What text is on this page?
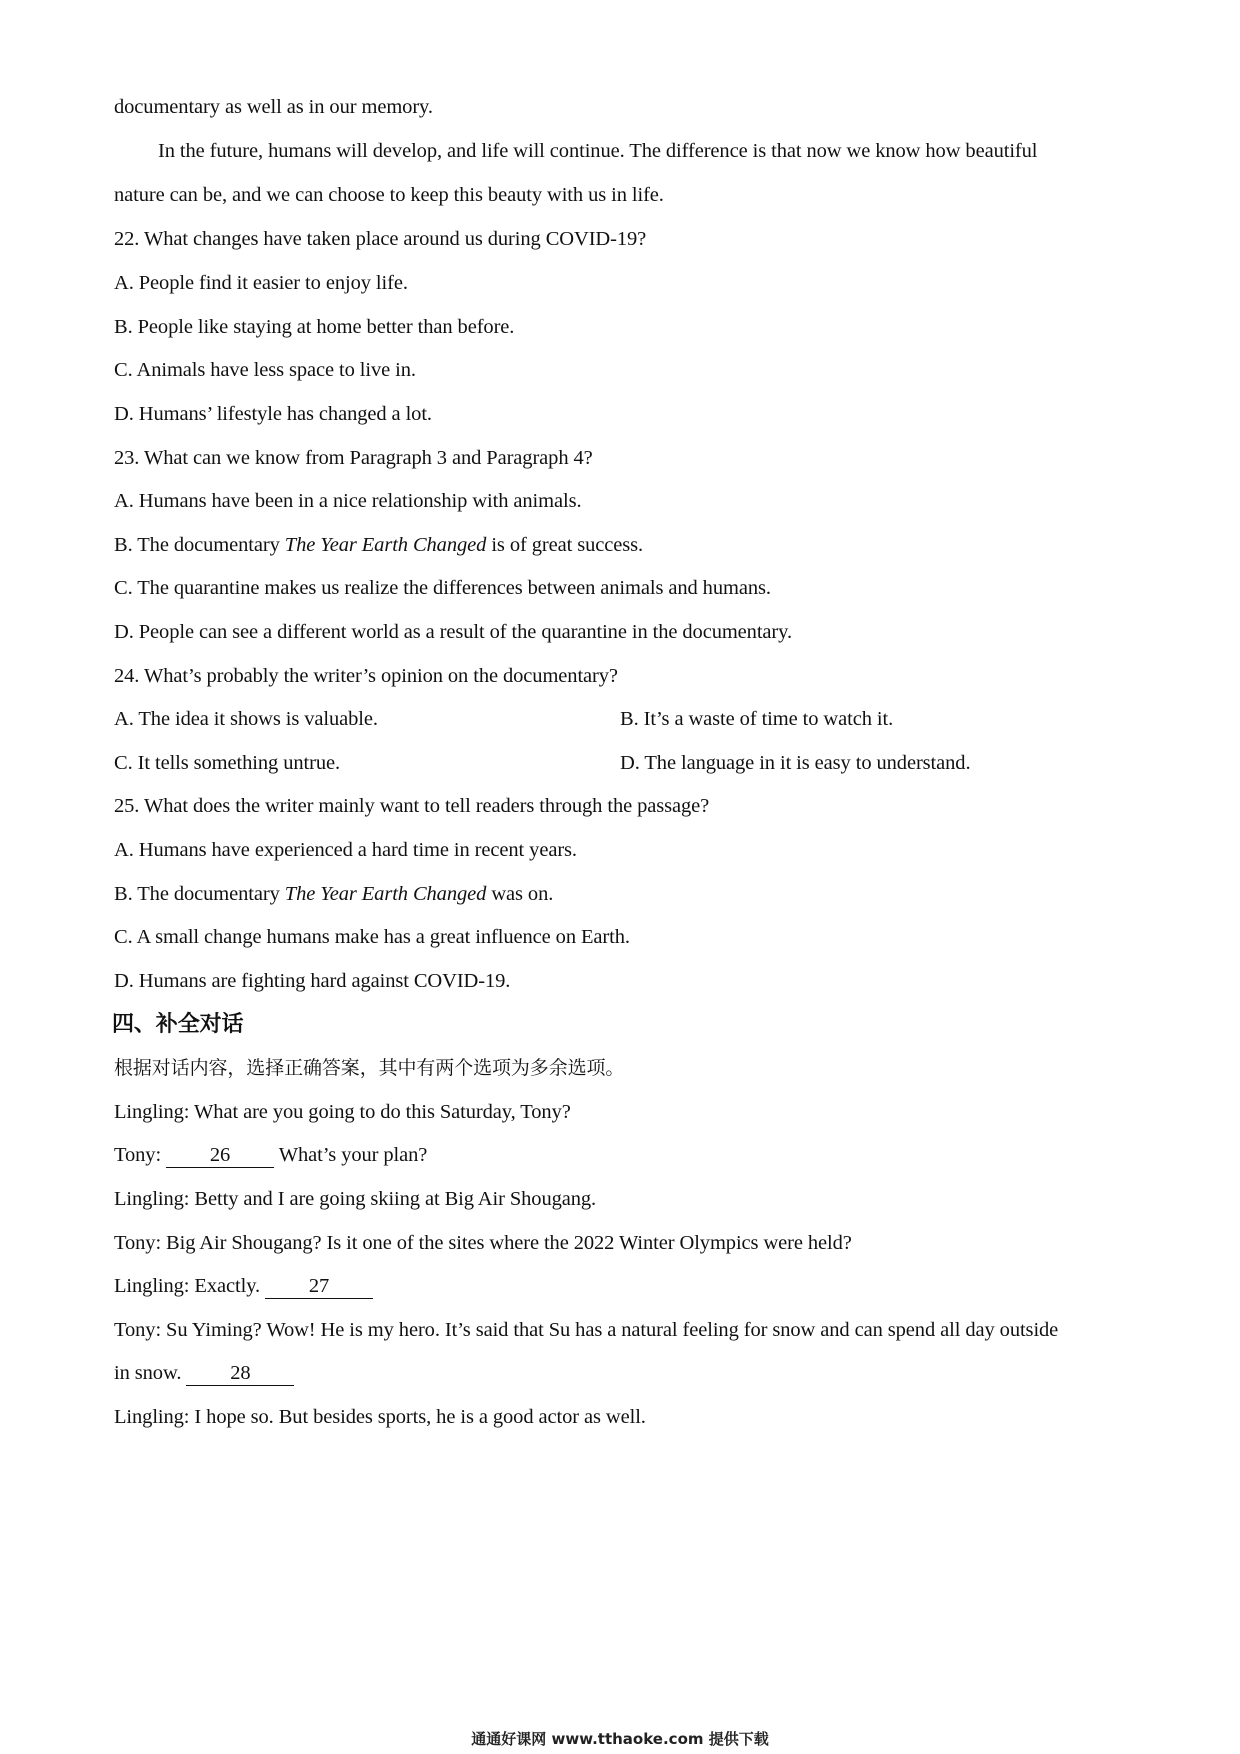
documentary as well as in our memory.
In the future, humans will develop, and life will continue. The difference is that now we know how beautiful
nature can be, and we can choose to keep this beauty with us in life.
22. What changes have taken place around us during COVID-19?
A. People find it easier to enjoy life.
B. People like staying at home better than before.
C. Animals have less space to live in.
D. Humans’ lifestyle has changed a lot.
23. What can we know from Paragraph 3 and Paragraph 4?
A. Humans have been in a nice relationship with animals.
B. The documentary The Year Earth Changed is of great success.
C. The quarantine makes us realize the differences between animals and humans.
D. People can see a different world as a result of the quarantine in the documentary.
24. What’s probably the writer’s opinion on the documentary?
A. The idea it shows is valuable.	B. It’s a waste of time to watch it.
C. It tells something untrue.	D. The language in it is easy to understand.
25. What does the writer mainly want to tell readers through the passage?
A. Humans have experienced a hard time in recent years.
B. The documentary The Year Earth Changed was on.
C. A small change humans make has a great influence on Earth.
D. Humans are fighting hard against COVID-19.
四、补全对话
根据对话内容，选择正确答案，其中有两个选项为多余选项。
Lingling: What are you going to do this Saturday, Tony?
Tony: 26 What’s your plan?
Lingling: Betty and I are going skiing at Big Air Shougang.
Tony: Big Air Shougang? Is it one of the sites where the 2022 Winter Olympics were held?
Lingling: Exactly. 27
Tony: Su Yiming? Wow! He is my hero. It’s said that Su has a natural feeling for snow and can spend all day outside
in snow. 28
Lingling: I hope so. But besides sports, he is a good actor as well.
通通好课网 www.tthaoke.com 提供下载
